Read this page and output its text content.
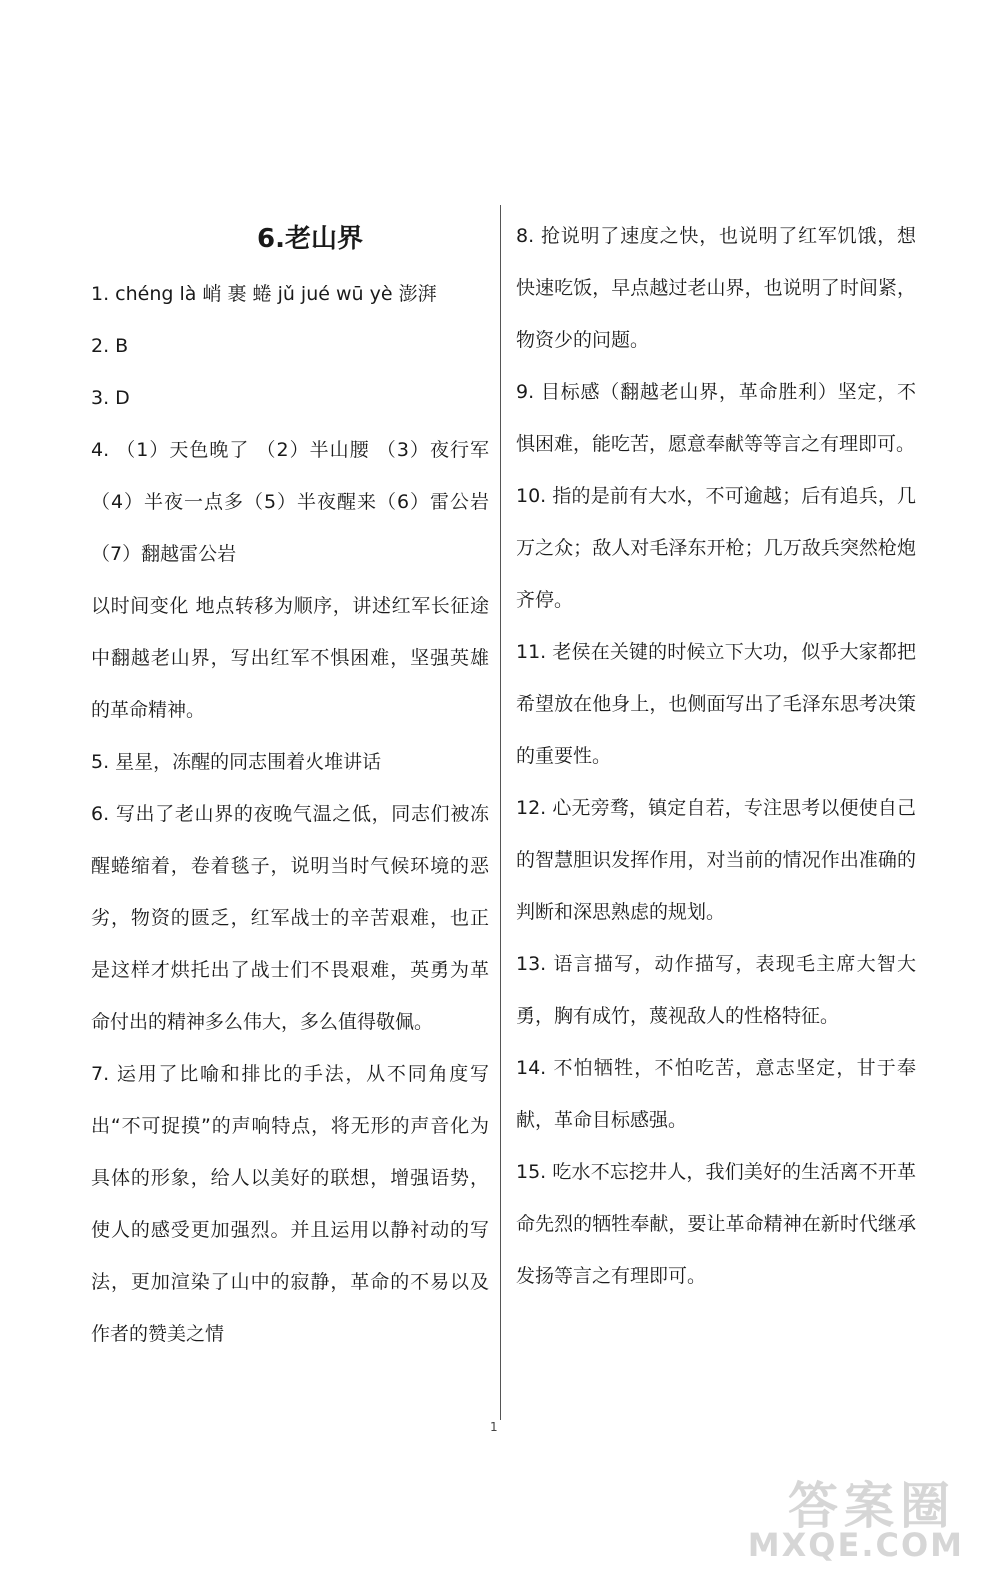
6.老山界

1. chéng là 峭 裹 蜷 jǔ jué wū yè 澎湃

2. B

3. D

4. （1）天色晚了 （2）半山腰 （3）夜行军（4）半夜一点多（5）半夜醒来（6）雷公岩（7）翻越雷公岩

以时间变化 地点转移为顺序，讲述红军长征途中翻越老山界，写出红军不惧困难，坚强英雄的革命精神。

5. 星星，冻醒的同志围着火堆讲话

6. 写出了老山界的夜晚气温之低，同志们被冻醒蜷缩着，卷着毯子，说明当时气候环境的恶劣，物资的匮乏，红军战士的辛苦艰难，也正是这样才烘托出了战士们不畏艰难，英勇为革命付出的精神多么伟大，多么值得敬佩。

7. 运用了比喻和排比的手法，从不同角度写出“不可捉摸”的声响特点，将无形的声音化为具体的形象，给人以美好的联想，增强语势，使人的感受更加强烈。并且运用以静衬动的写法，更加渲染了山中的寂静，革命的不易以及作者的赞美之情

8. 抢说明了速度之快，也说明了红军饥饿，想快速吃饭，早点越过老山界，也说明了时间紧，物资少的问题。

9. 目标感（翻越老山界，革命胜利）坚定，不惧困难，能吃苦，愿意奉献等等言之有理即可。

10. 指的是前有大水，不可逾越；后有追兵，几万之众；敌人对毛泽东开枪；几万敌兵突然枪炮齐停。

11. 老侯在关键的时候立下大功，似乎大家都把希望放在他身上，也侧面写出了毛泽东思考决策的重要性。

12. 心无旁骛，镇定自若，专注思考以便使自己的智慧胆识发挥作用，对当前的情况作出准确的判断和深思熟虑的规划。

13. 语言描写，动作描写，表现毛主席大智大勇，胸有成竹，蔑视敌人的性格特征。

14. 不怕牺牲，不怕吃苦，意志坚定，甘于奉献，革命目标感强。

15. 吃水不忘挖井人，我们美好的生活离不开革命先烈的牺牲奉献，要让革命精神在新时代继承发扬等言之有理即可。

1
答案圈
MXQE.COM
